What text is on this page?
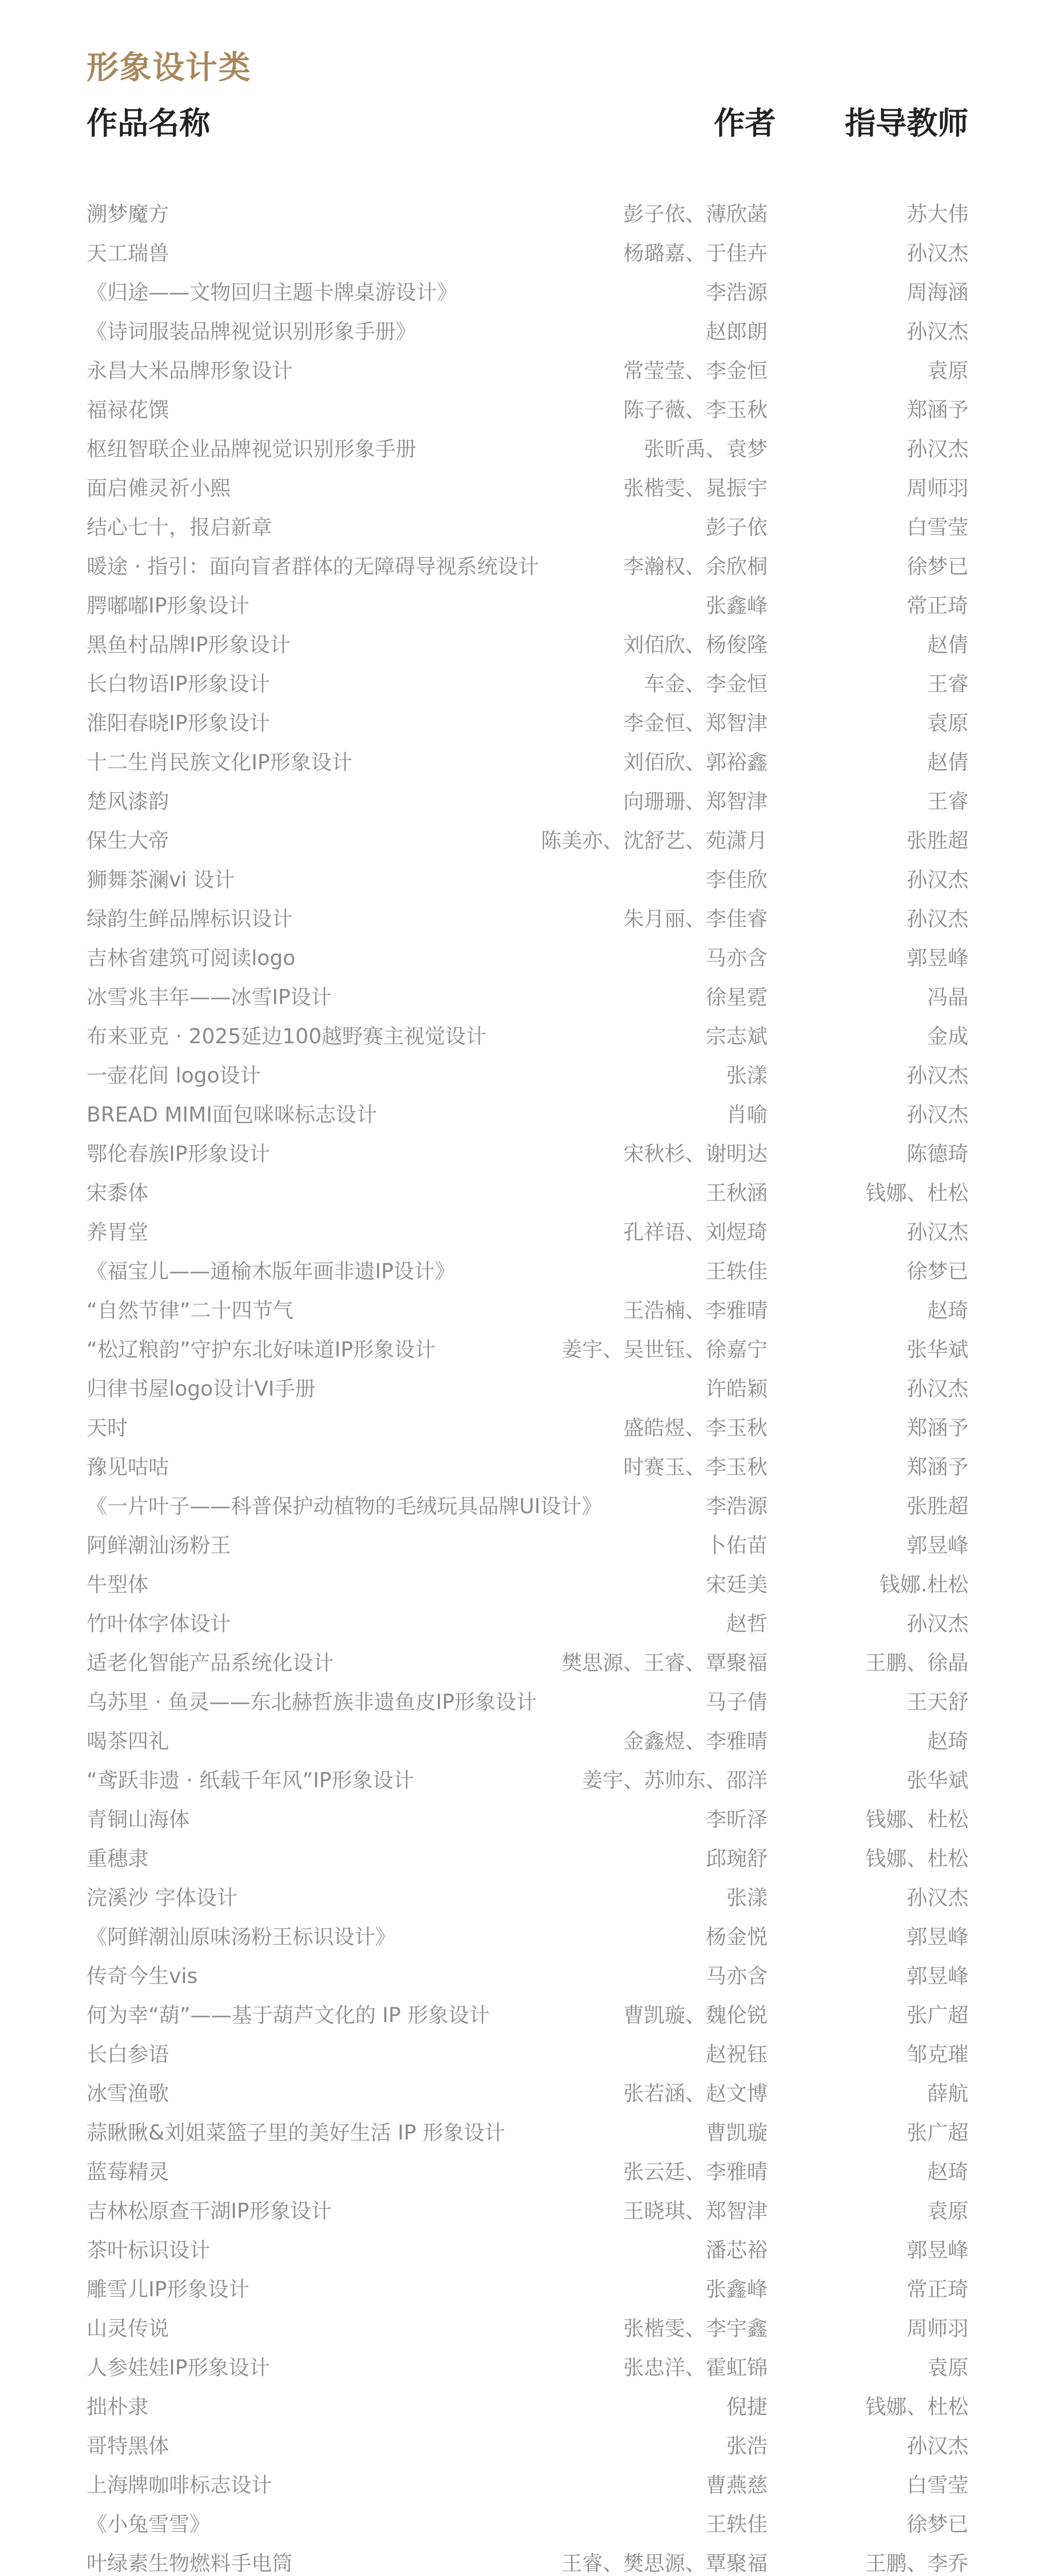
形象设计类
作品名称	作者 指导教师
溯梦魔方	彭子依、薄欣菡	苏大伟
天工瑞兽	杨璐嘉、于佳卉	孙汉杰
《归途——文物回归主题卡牌桌游设计》	李浩源	周海涵
《诗词服装品牌视觉识别形象手册》	赵郎朗	孙汉杰
永昌大米品牌形象设计	常莹莹、李金恒	袁原
福禄花馔	陈子薇、李玉秋	郑涵予
枢纽智联企业品牌视觉识别形象手册	张昕禹、袁梦	孙汉杰
面启傩灵祈小熙	张楷雯、晁振宇	周师羽
结心七十，报启新章	彭子依	白雪莹
暖途 · 指引：面向盲者群体的无障碍导视系统设计	李瀚权、余欣桐	徐梦已
腭嘟嘟IP形象设计	张鑫峰	常正琦
黑鱼村品牌IP形象设计	刘佰欣、杨俊隆	赵倩
长白物语IP形象设计	车金、李金恒	王睿
淮阳春晓IP形象设计	李金恒、郑智津	袁原
十二生肖民族文化IP形象设计	刘佰欣、郭裕鑫	赵倩
楚风漆韵	向珊珊、郑智津	王睿
保生大帝	陈美亦、沈舒艺、苑潇月	张胜超
狮舞茶澜vi 设计	李佳欣	孙汉杰
绿韵生鲜品牌标识设计	朱月丽、李佳睿	孙汉杰
吉林省建筑可阅读logo	马亦含	郭昱峰
冰雪兆丰年——冰雪IP设计	徐星霓	冯晶
布来亚克 · 2025延边100越野赛主视觉设计	宗志斌	金成
一壶花间 logo设计	张漾	孙汉杰
BREAD MIMI面包咪咪标志设计	肖喻	孙汉杰
鄂伦春族IP形象设计	宋秋杉、谢明达	陈德琦
宋黍体	王秋涵	钱娜、杜松
养胃堂	孔祥语、刘煜琦	孙汉杰
《福宝儿——通榆木版年画非遗IP设计》	王轶佳	徐梦已
“自然节律”二十四节气	王浩楠、李雅晴	赵琦
“松辽粮韵”守护东北好味道IP形象设计	姜宇、吴世钰、徐嘉宁	张华斌
归律书屋logo设计VI手册	许皓颖	孙汉杰
天时	盛皓煜、李玉秋	郑涵予
豫见咕咕	时赛玉、李玉秋	郑涵予
《一片叶子——科普保护动植物的毛绒玩具品牌UI设计》	李浩源	张胜超
阿鲜潮汕汤粉王	卜佑苗	郭昱峰
牛型体	宋廷美	钱娜.杜松
竹叶体字体设计	赵哲	孙汉杰
适老化智能产品系统化设计	樊思源、王睿、覃聚福	王鹏、徐晶
乌苏里 · 鱼灵——东北赫哲族非遗鱼皮IP形象设计	马子倩	王天舒
喝茶四礼	金鑫煜、李雅晴	赵琦
“鸢跃非遗 · 纸载千年风”IP形象设计	姜宇、苏帅东、邵洋	张华斌
青铜山海体	李昕泽	钱娜、杜松
重穗隶	邱琬舒	钱娜、杜松
浣溪沙 字体设计	张漾	孙汉杰
《阿鲜潮汕原味汤粉王标识设计》	杨金悦	郭昱峰
传奇今生vis	马亦含	郭昱峰
何为幸“葫”——基于葫芦文化的 IP 形象设计	曹凯璇、魏伦锐	张广超
长白参语	赵祝钰	邹克璀
冰雪渔歌	张若涵、赵文博	薛航
蒜瞅瞅&刘姐菜篮子里的美好生活 IP 形象设计	曹凯璇	张广超
蓝莓精灵	张云廷、李雅晴	赵琦
吉林松原查干湖IP形象设计	王晓琪、郑智津	袁原
茶叶标识设计	潘芯裕	郭昱峰
雕雪儿IP形象设计	张鑫峰	常正琦
山灵传说	张楷雯、李宇鑫	周师羽
人参娃娃IP形象设计	张忠洋、霍虹锦	袁原
拙朴隶	倪捷	钱娜、杜松
哥特黑体	张浩	孙汉杰
上海牌咖啡标志设计	曹燕慈	白雪莹
《小兔雪雪》	王轶佳	徐梦已
叶绿素生物燃料手电筒	王睿、樊思源、覃聚福	王鹏、李乔
